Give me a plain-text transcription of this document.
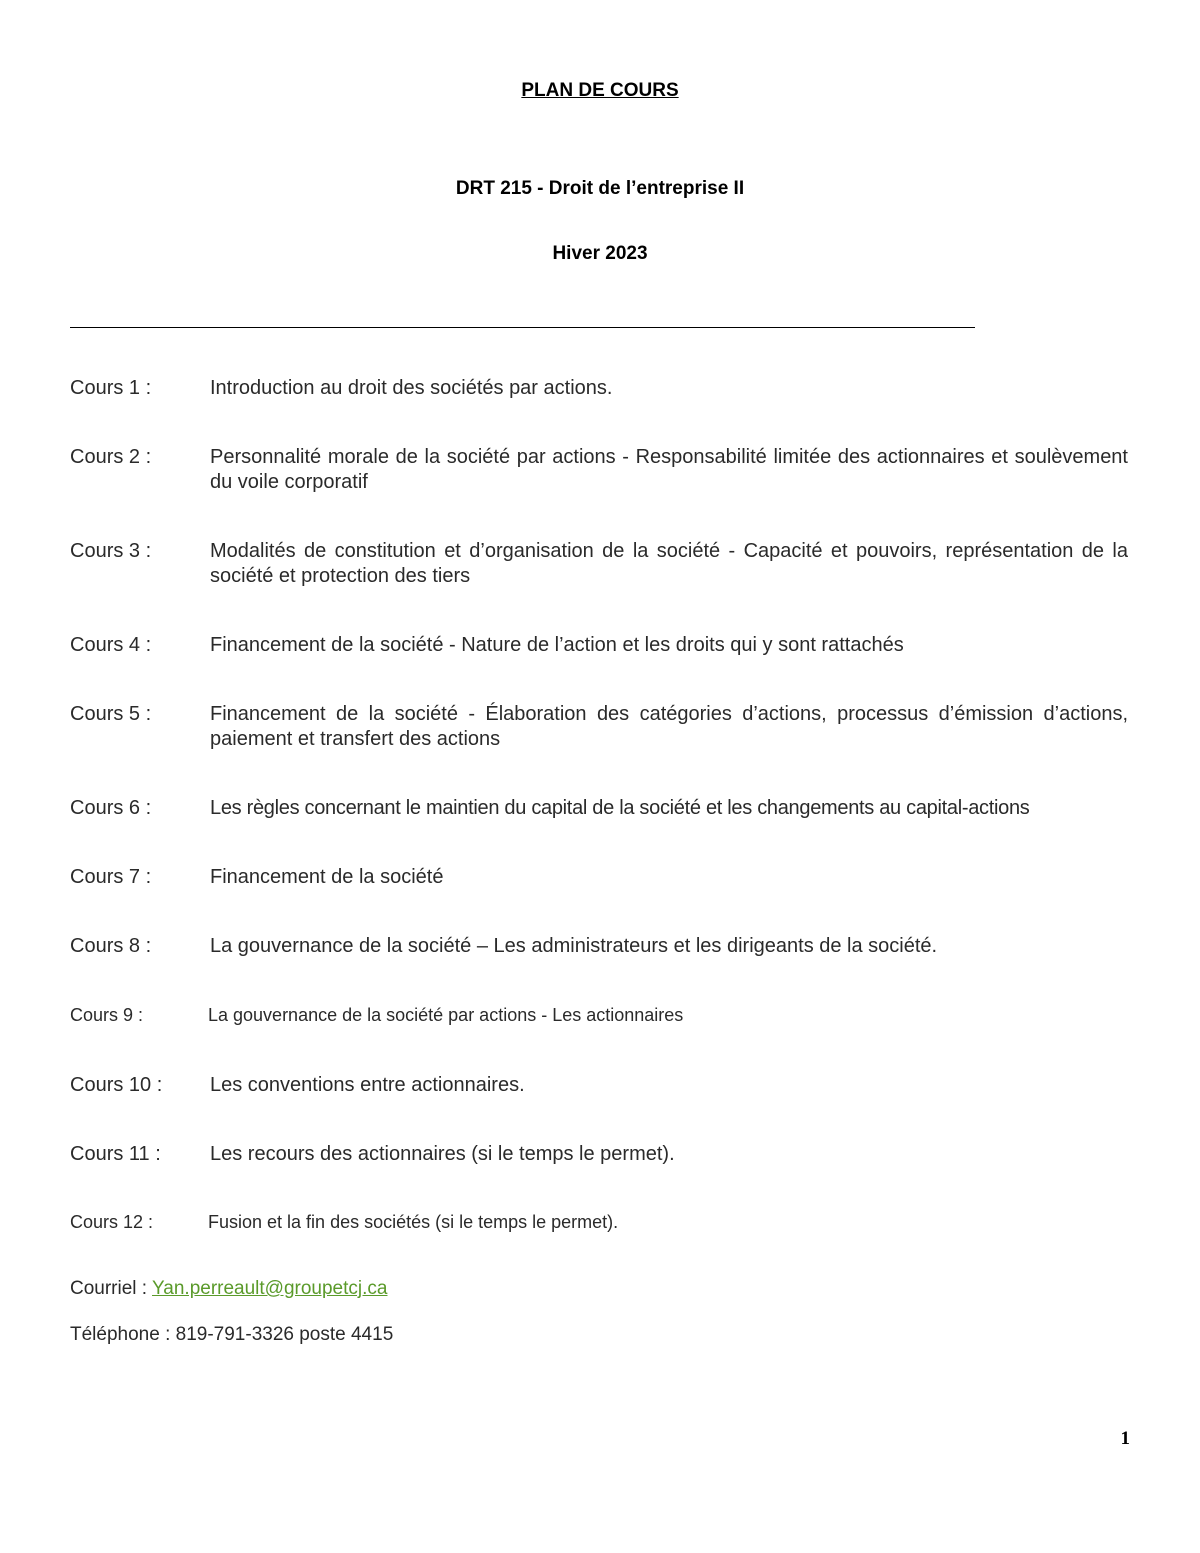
PLAN DE COURS
DRT 215 - Droit de l’entreprise II
Hiver 2023
Cours 1 :	Introduction au droit des sociétés par actions.
Cours 2 :	Personnalité morale de la société par actions - Responsabilité limitée des actionnaires et soulèvement du voile corporatif
Cours 3 :	Modalités de constitution et d’organisation de la société - Capacité et pouvoirs, représentation de la société et protection des tiers
Cours 4 :	Financement de la société - Nature de l’action et les droits qui y sont rattachés
Cours 5 :	Financement de la société - Élaboration des catégories d’actions, processus d’émission d’actions, paiement et transfert des actions
Cours 6 :	Les règles concernant le maintien du capital de la société et les changements au capital-actions
Cours 7 :	Financement de la société
Cours 8 :	La gouvernance de la société – Les administrateurs et les dirigeants de la société.
Cours 9 :	La gouvernance de la société par actions - Les actionnaires
Cours 10 : Les conventions entre actionnaires.
Cours 11 : Les recours des actionnaires (si le temps le permet).
Cours 12 :	Fusion et la fin des sociétés (si le temps le permet).
Courriel : Yan.perreault@groupetcj.ca
Téléphone : 819-791-3326 poste 4415
1
